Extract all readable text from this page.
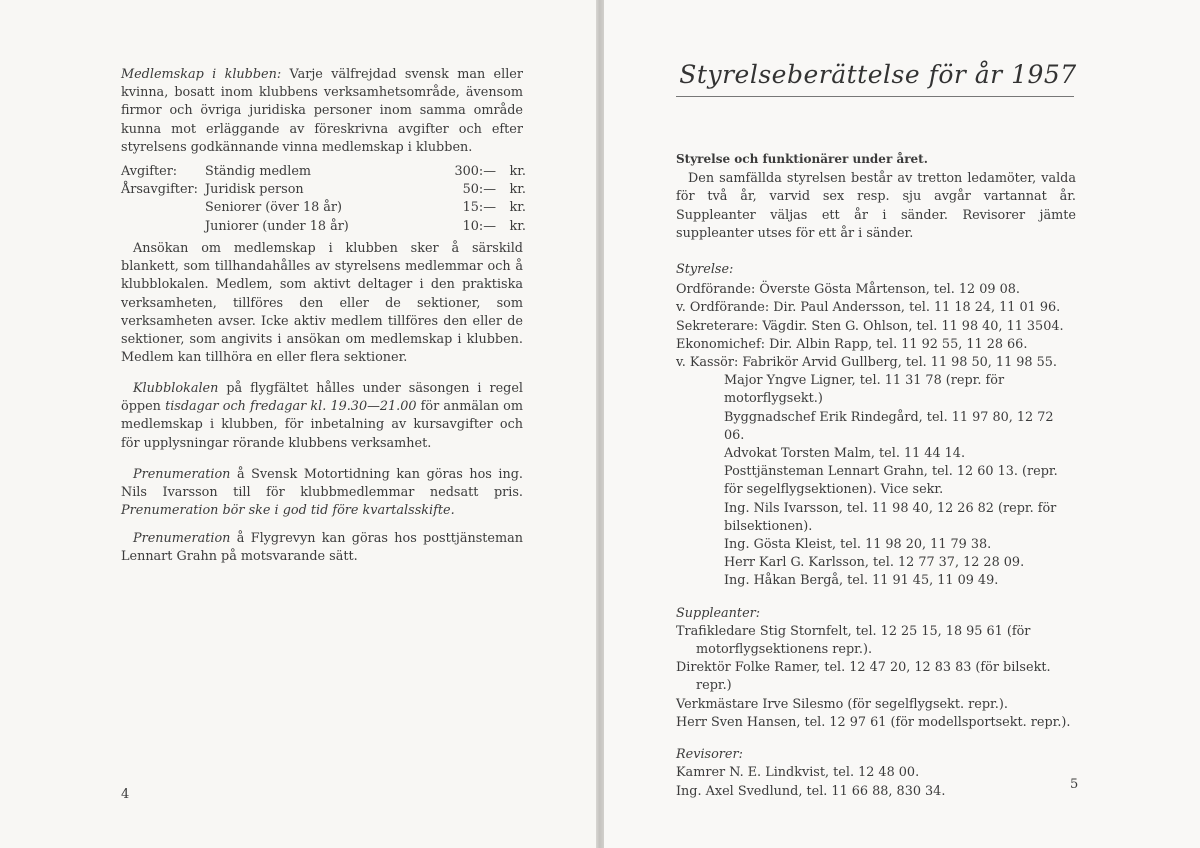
Medlemskap i klubben: Varje välfrejdad svensk man eller kvinna, bosatt inom klubbens verksamhetsområde, ävensom firmor och övriga juridiska personer inom samma område kunna mot erläggande av föreskrivna avgifter och efter styrelsens godkännande vinna medlemskap i klubben.

Avgifter: Ständig medlem	300:— kr.
Årsavgifter: Juridisk person	50:— kr.
Seniorer (över 18 år)	15:— kr.
Juniorer (under 18 år)	10:— kr.

Ansökan om medlemskap i klubben sker å särskild blankett, som tillhandahålles av styrelsens medlemmar och å klubblokalen. Medlem, som aktivt deltager i den praktiska verksamheten, tillföres den eller de sektioner, som verksamheten avser. Icke aktiv medlem tillföres den eller de sektioner, som angivits i ansökan om medlemskap i klubben. Medlem kan tillhöra en eller flera sektioner.

Klubblokalen på flygfältet hålles under säsongen i regel öppen tisdagar och fredagar kl. 19.30—21.00 för anmälan om medlemskap i klubben, för inbetalning av kursavgifter och för upplysningar rörande klubbens verksamhet.

Prenumeration å Svensk Motortidning kan göras hos ing. Nils Ivarsson till för klubbmedlemmar nedsatt pris. Prenumeration bör ske i god tid före kvartalsskifte.

Prenumeration å Flygrevyn kan göras hos posttjänsteman Lennart Grahn på motsvarande sätt.

4
Styrelseberättelse för år 1957

Styrelse och funktionärer under året.

Den samfällda styrelsen består av tretton ledamöter, valda för två år, varvid sex resp. sju avgår vartannat år. Suppleanter väljas ett år i sänder. Revisorer jämte suppleanter utses för ett år i sänder.

Styrelse:

Ordförande: Överste Gösta Mårtenson, tel. 12 09 08.

v. Ordförande: Dir. Paul Andersson, tel. 11 18 24, 11 01 96.

Sekreterare: Vägdir. Sten G. Ohlson, tel. 11 98 40, 11 3504.

Ekonomichef: Dir. Albin Rapp, tel. 11 92 55, 11 28 66.

v. Kassör: Fabrikör Arvid Gullberg, tel. 11 98 50, 11 98 55.

Major Yngve Ligner, tel. 11 31 78 (repr. för motorflygsekt.)

Byggnadschef Erik Rindegård, tel. 11 97 80, 12 72 06.

Advokat Torsten Malm, tel. 11 44 14.

Posttjänsteman Lennart Grahn, tel. 12 60 13. (repr. för segelflygsektionen). Vice sekr.

Ing. Nils Ivarsson, tel. 11 98 40, 12 26 82 (repr. för bilsektionen).

Ing. Gösta Kleist, tel. 11 98 20, 11 79 38.

Herr Karl G. Karlsson, tel. 12 77 37, 12 28 09.

Ing. Håkan Bergå, tel. 11 91 45, 11 09 49.

Suppleanter:

Trafikledare Stig Stornfelt, tel. 12 25 15, 18 95 61 (för motorflygsektionens repr.).

Direktör Folke Ramer, tel. 12 47 20, 12 83 83 (för bilsekt. repr.)

Verkmästare Irve Silesmo (för segelflygsekt. repr.).

Herr Sven Hansen, tel. 12 97 61 (för modellsportsekt. repr.).

Revisorer:

Kamrer N. E. Lindkvist, tel. 12 48 00.

Ing. Axel Svedlund, tel. 11 66 88, 830 34.	5
